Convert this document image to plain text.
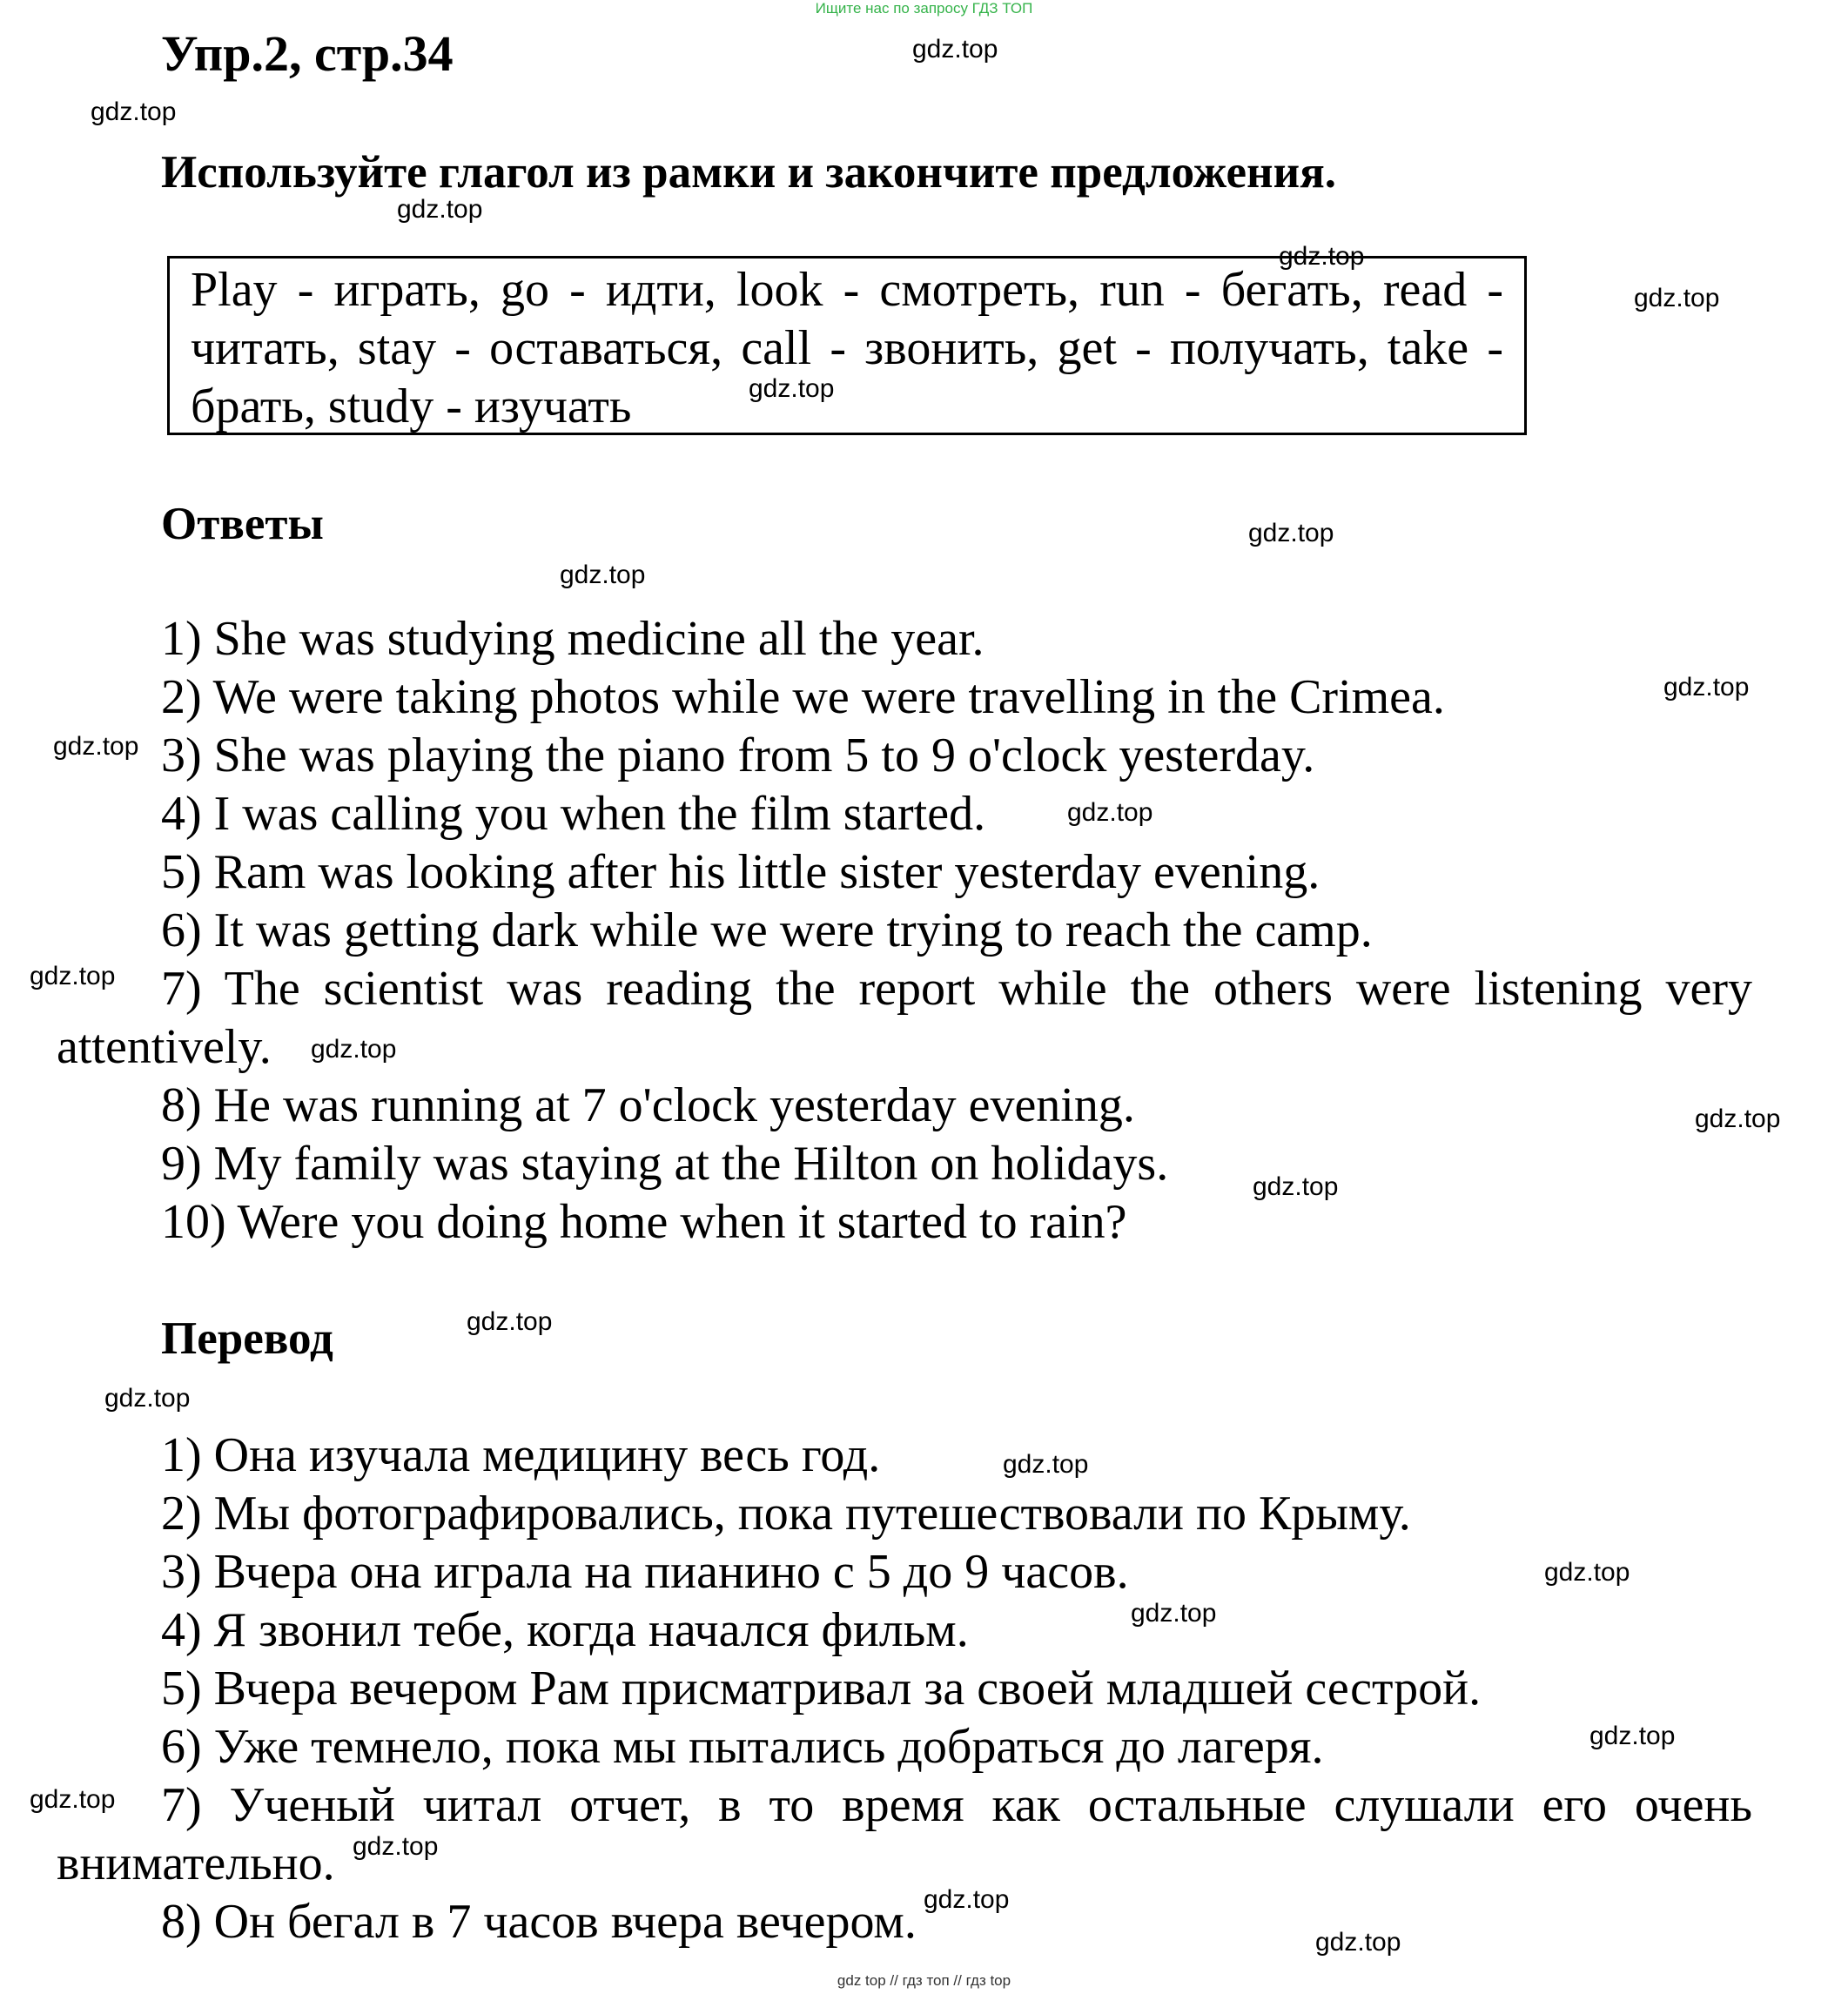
Ищите нас по запросу ГДЗ ТОП
Упр.2, стр.34
Используйте глагол из рамки и закончите предложения.
Play - играть, go - идти, look - смотреть, run - бегать, read -
читать, stay - оставаться, call - звонить, get - получать, take -
брать, study - изучать
Ответы
1) She was studying medicine all the year.
2) We were taking photos while we were travelling in the Crimea.
3) She was playing the piano from 5 to 9 o'clock yesterday.
4) I was calling you when the film started.
5) Ram was looking after his little sister yesterday evening.
6) It was getting dark while we were trying to reach the camp.
7) The scientist was reading the report while the others were listening very
attentively.
8) He was running at 7 o'clock yesterday evening.
9) My family was staying at the Hilton on holidays.
10) Were you doing home when it started to rain?
Перевод
1) Она изучала медицину весь год.
2) Мы фотографировались, пока путешествовали по Крыму.
3) Вчера она играла на пианино с 5 до 9 часов.
4) Я звонил тебе, когда начался фильм.
5) Вчера вечером Рам присматривал за своей младшей сестрой.
6) Уже темнело, пока мы пытались добраться до лагеря.
7) Ученый читал отчет, в то время как остальные слушали его очень
внимательно.
8) Он бегал в 7 часов вчера вечером.
gdz.top
gdz.top
gdz.top
gdz.top
gdz.top
gdz.top
gdz.top
gdz.top
gdz.top
gdz.top
gdz.top
gdz.top
gdz.top
gdz.top
gdz.top
gdz.top
gdz.top
gdz.top
gdz.top
gdz.top
gdz.top
gdz.top
gdz.top
gdz.top
gdz.top
gdz top // гдз топ // гдз top
